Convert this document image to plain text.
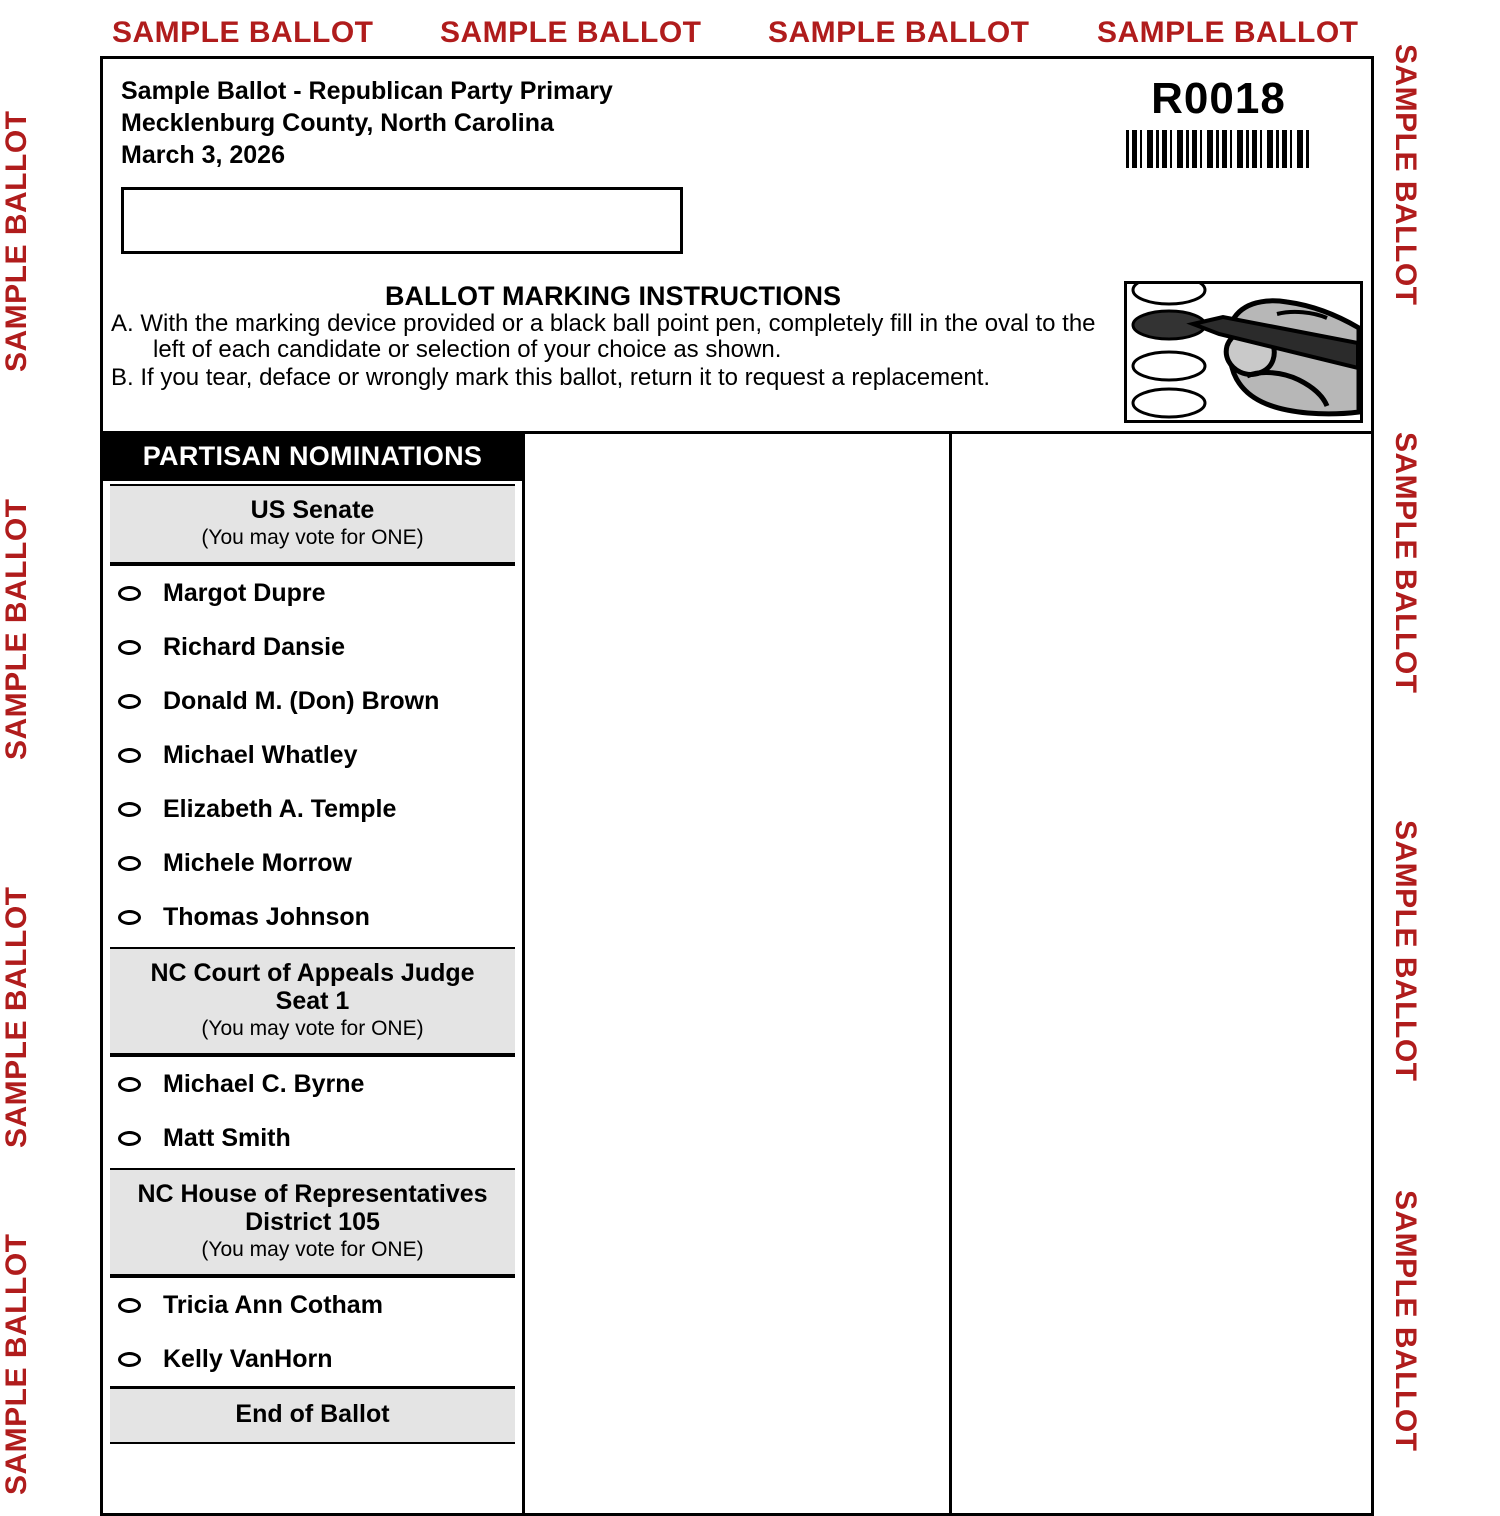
SAMPLE BALLOT SAMPLE BALLOT SAMPLE BALLOT SAMPLE BALLOT
SAMPLE BALLOT
SAMPLE BALLOT
SAMPLE BALLOT
SAMPLE BALLOT
SAMPLE BALLOT
SAMPLE BALLOT
SAMPLE BALLOT
SAMPLE BALLOT
Sample Ballot - Republican Party Primary
Mecklenburg County, North Carolina
March 3, 2026
R0018
BALLOT MARKING INSTRUCTIONS

A. With the marking device provided or a black ball point pen, completely fill in the oval to theleft of each candidate or selection of your choice as shown.

B. If you tear, deface or wrongly mark this ballot, return it to request a replacement.

PARTISAN NOMINATIONS
US Senate
(You may vote for ONE)
Margot Dupre
Richard Dansie
Donald M. (Don) Brown
Michael Whatley
Elizabeth A. Temple
Michele Morrow
Thomas Johnson
NC Court of Appeals Judge
Seat 1
(You may vote for ONE)
Michael C. Byrne
Matt Smith
NC House of Representatives
District 105
(You may vote for ONE)
Tricia Ann Cotham
Kelly VanHorn
End of Ballot
